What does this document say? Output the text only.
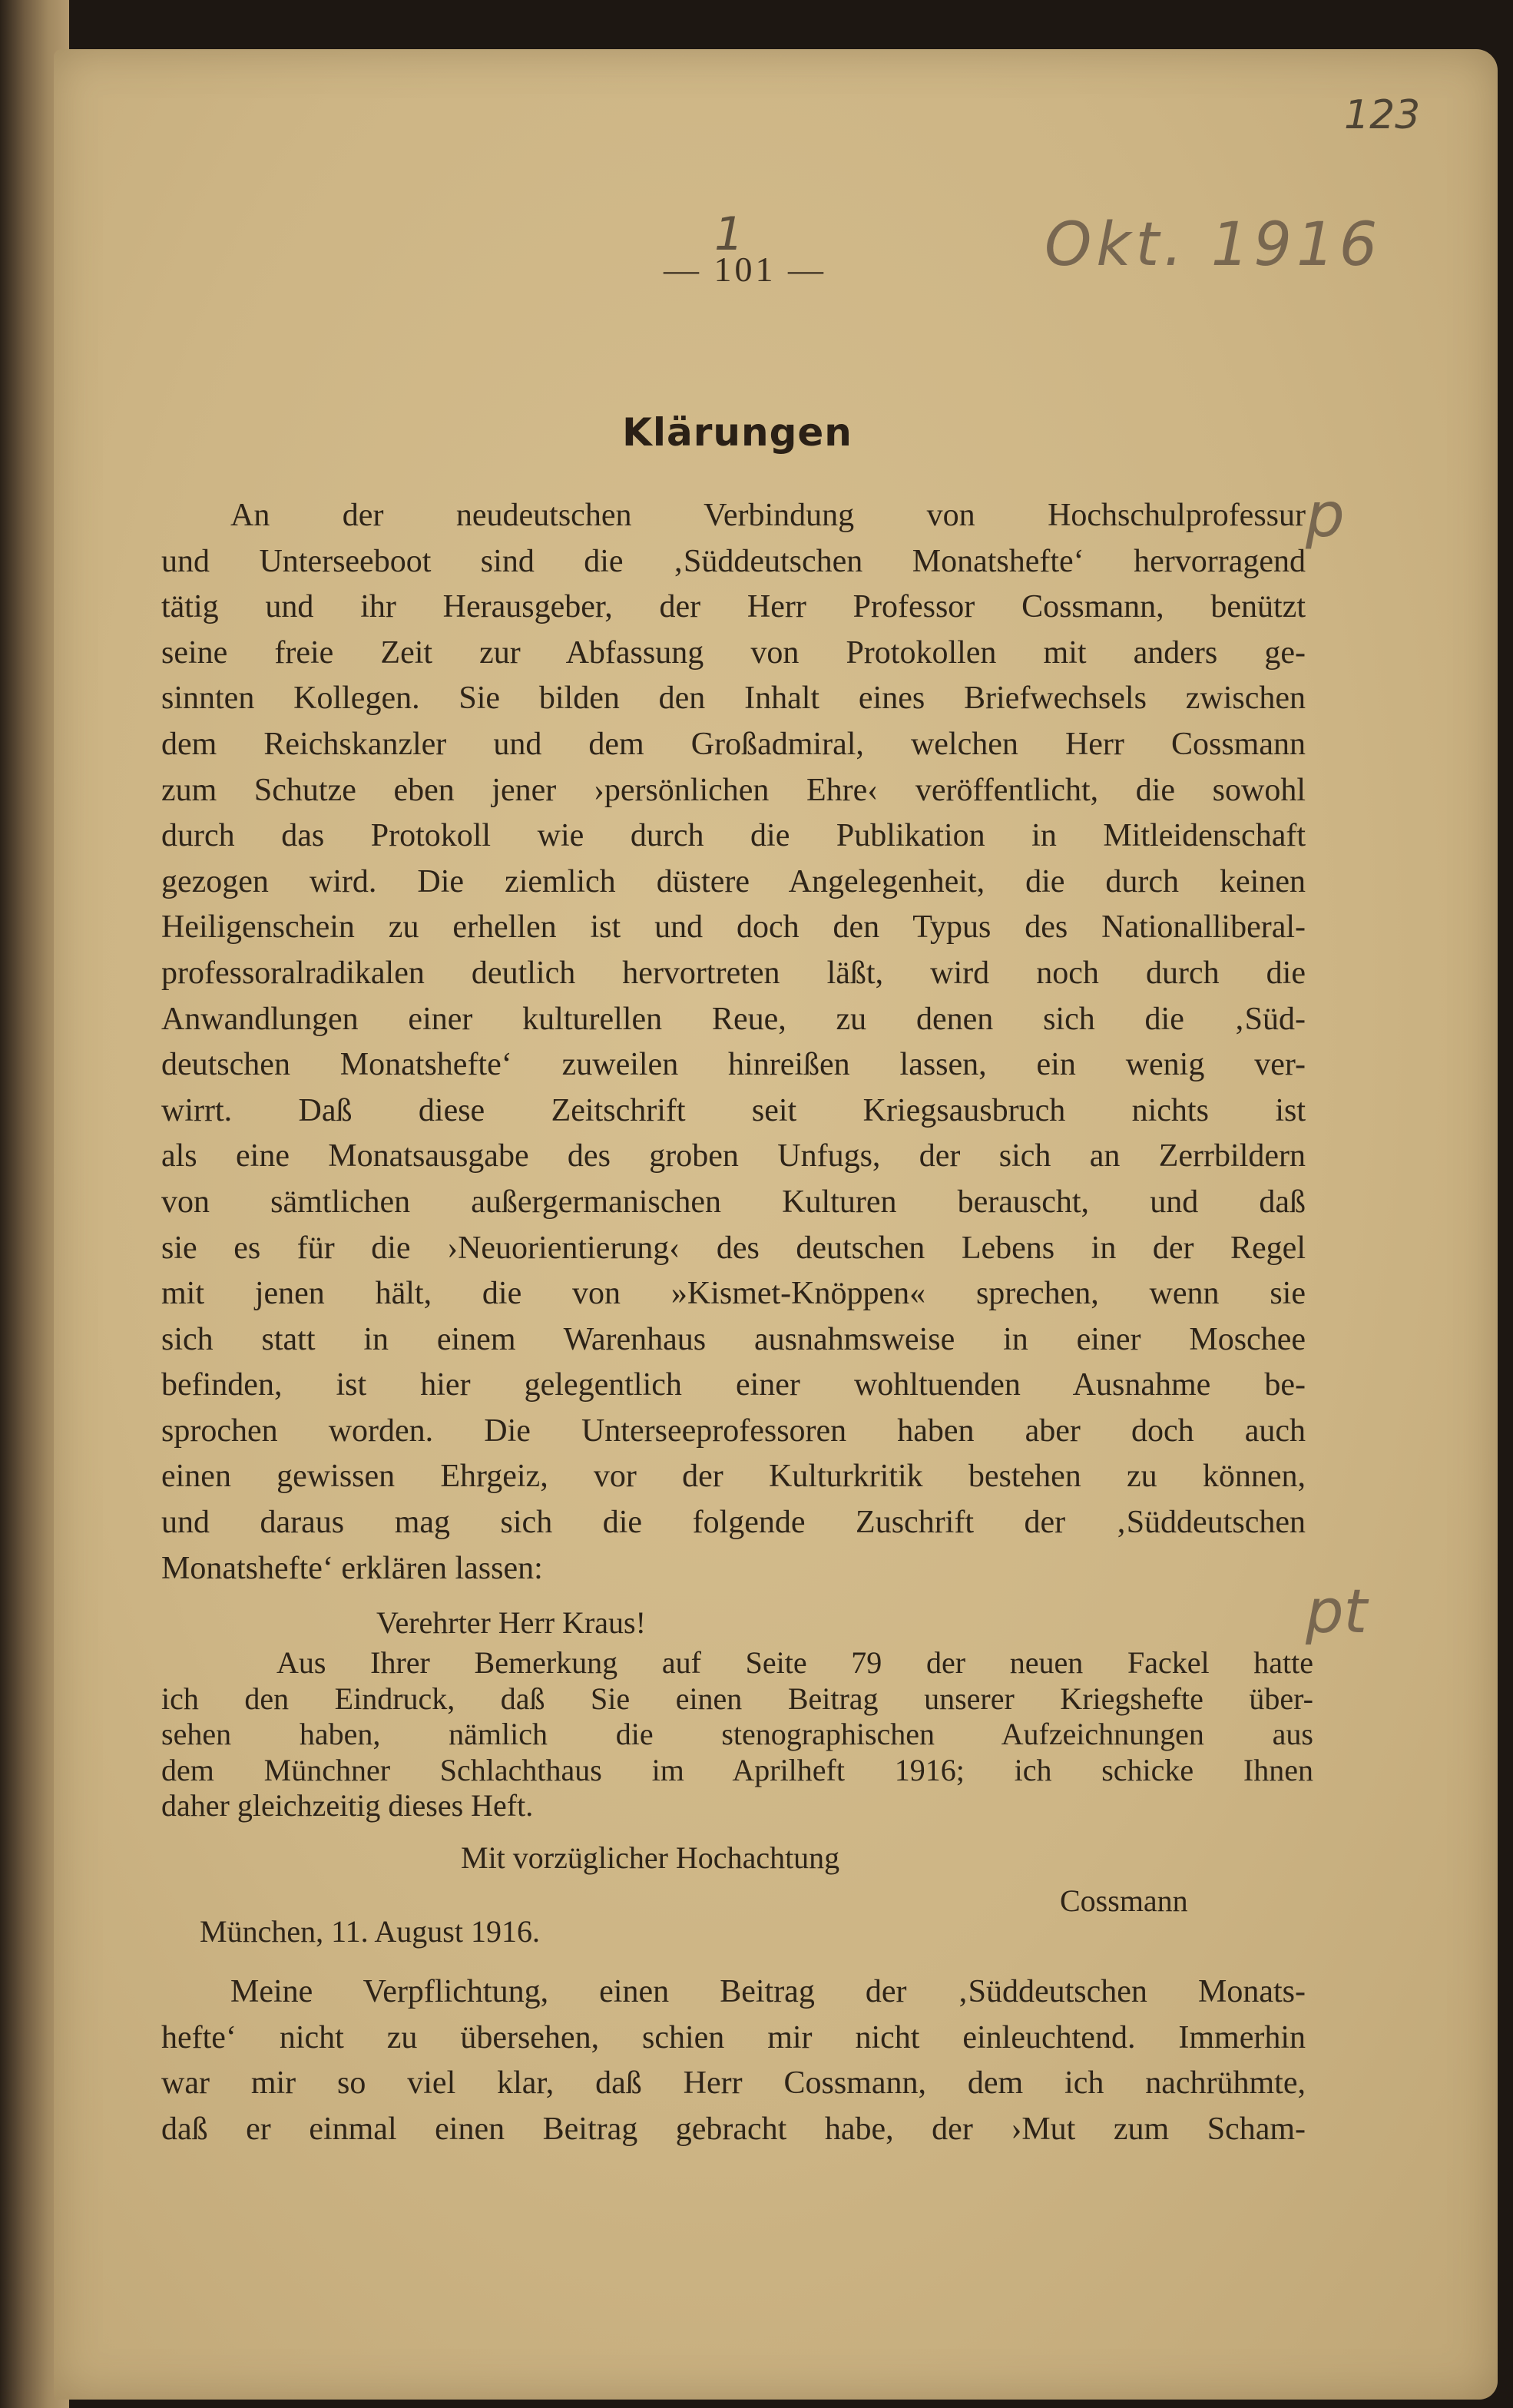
123
Okt. 1916
p
pt
1
— 101 —
Klärungen
An der neudeutschen Verbindung von Hochschulprofessur
und Unterseeboot sind die ‚Süddeutschen Monatshefte‘ hervorragend
tätig und ihr Herausgeber, der Herr Professor Cossmann, benützt
seine freie Zeit zur Abfassung von Protokollen mit anders ge-
sinnten Kollegen. Sie bilden den Inhalt eines Briefwechsels zwischen
dem Reichskanzler und dem Großadmiral, welchen Herr Cossmann
zum Schutze eben jener ›persönlichen Ehre‹ veröffentlicht, die sowohl
durch das Protokoll wie durch die Publikation in Mitleidenschaft
gezogen wird. Die ziemlich düstere Angelegenheit, die durch keinen
Heiligenschein zu erhellen ist und doch den Typus des Nationalliberal-
professoralradikalen deutlich hervortreten läßt, wird noch durch die
Anwandlungen einer kulturellen Reue, zu denen sich die ‚Süd-
deutschen Monatshefte‘ zuweilen hinreißen lassen, ein wenig ver-
wirrt. Daß diese Zeitschrift seit Kriegsausbruch nichts ist
als eine Monatsausgabe des groben Unfugs, der sich an Zerrbildern
von sämtlichen außergermanischen Kulturen berauscht, und daß
sie es für die ›Neuorientierung‹ des deutschen Lebens in der Regel
mit jenen hält, die von »Kismet-Knöppen« sprechen, wenn sie
sich statt in einem Warenhaus ausnahmsweise in einer Moschee
befinden, ist hier gelegentlich einer wohltuenden Ausnahme be-
sprochen worden. Die Unterseeprofessoren haben aber doch auch
einen gewissen Ehrgeiz, vor der Kulturkritik bestehen zu können,
und daraus mag sich die folgende Zuschrift der ‚Süddeutschen
Monatshefte‘ erklären lassen:
Verehrter Herr Kraus!
Aus Ihrer Bemerkung auf Seite 79 der neuen Fackel hatte
ich den Eindruck, daß Sie einen Beitrag unserer Kriegshefte über-
sehen haben, nämlich die stenographischen Aufzeichnungen aus
dem Münchner Schlachthaus im Aprilheft 1916; ich schicke Ihnen
daher gleichzeitig dieses Heft.
Mit vorzüglicher Hochachtung
Cossmann
München, 11. August 1916.
Meine Verpflichtung, einen Beitrag der ‚Süddeutschen Monats-
hefte‘ nicht zu übersehen, schien mir nicht einleuchtend. Immerhin
war mir so viel klar, daß Herr Cossmann, dem ich nachrühmte,
daß er einmal einen Beitrag gebracht habe, der ›Mut zum Scham-
